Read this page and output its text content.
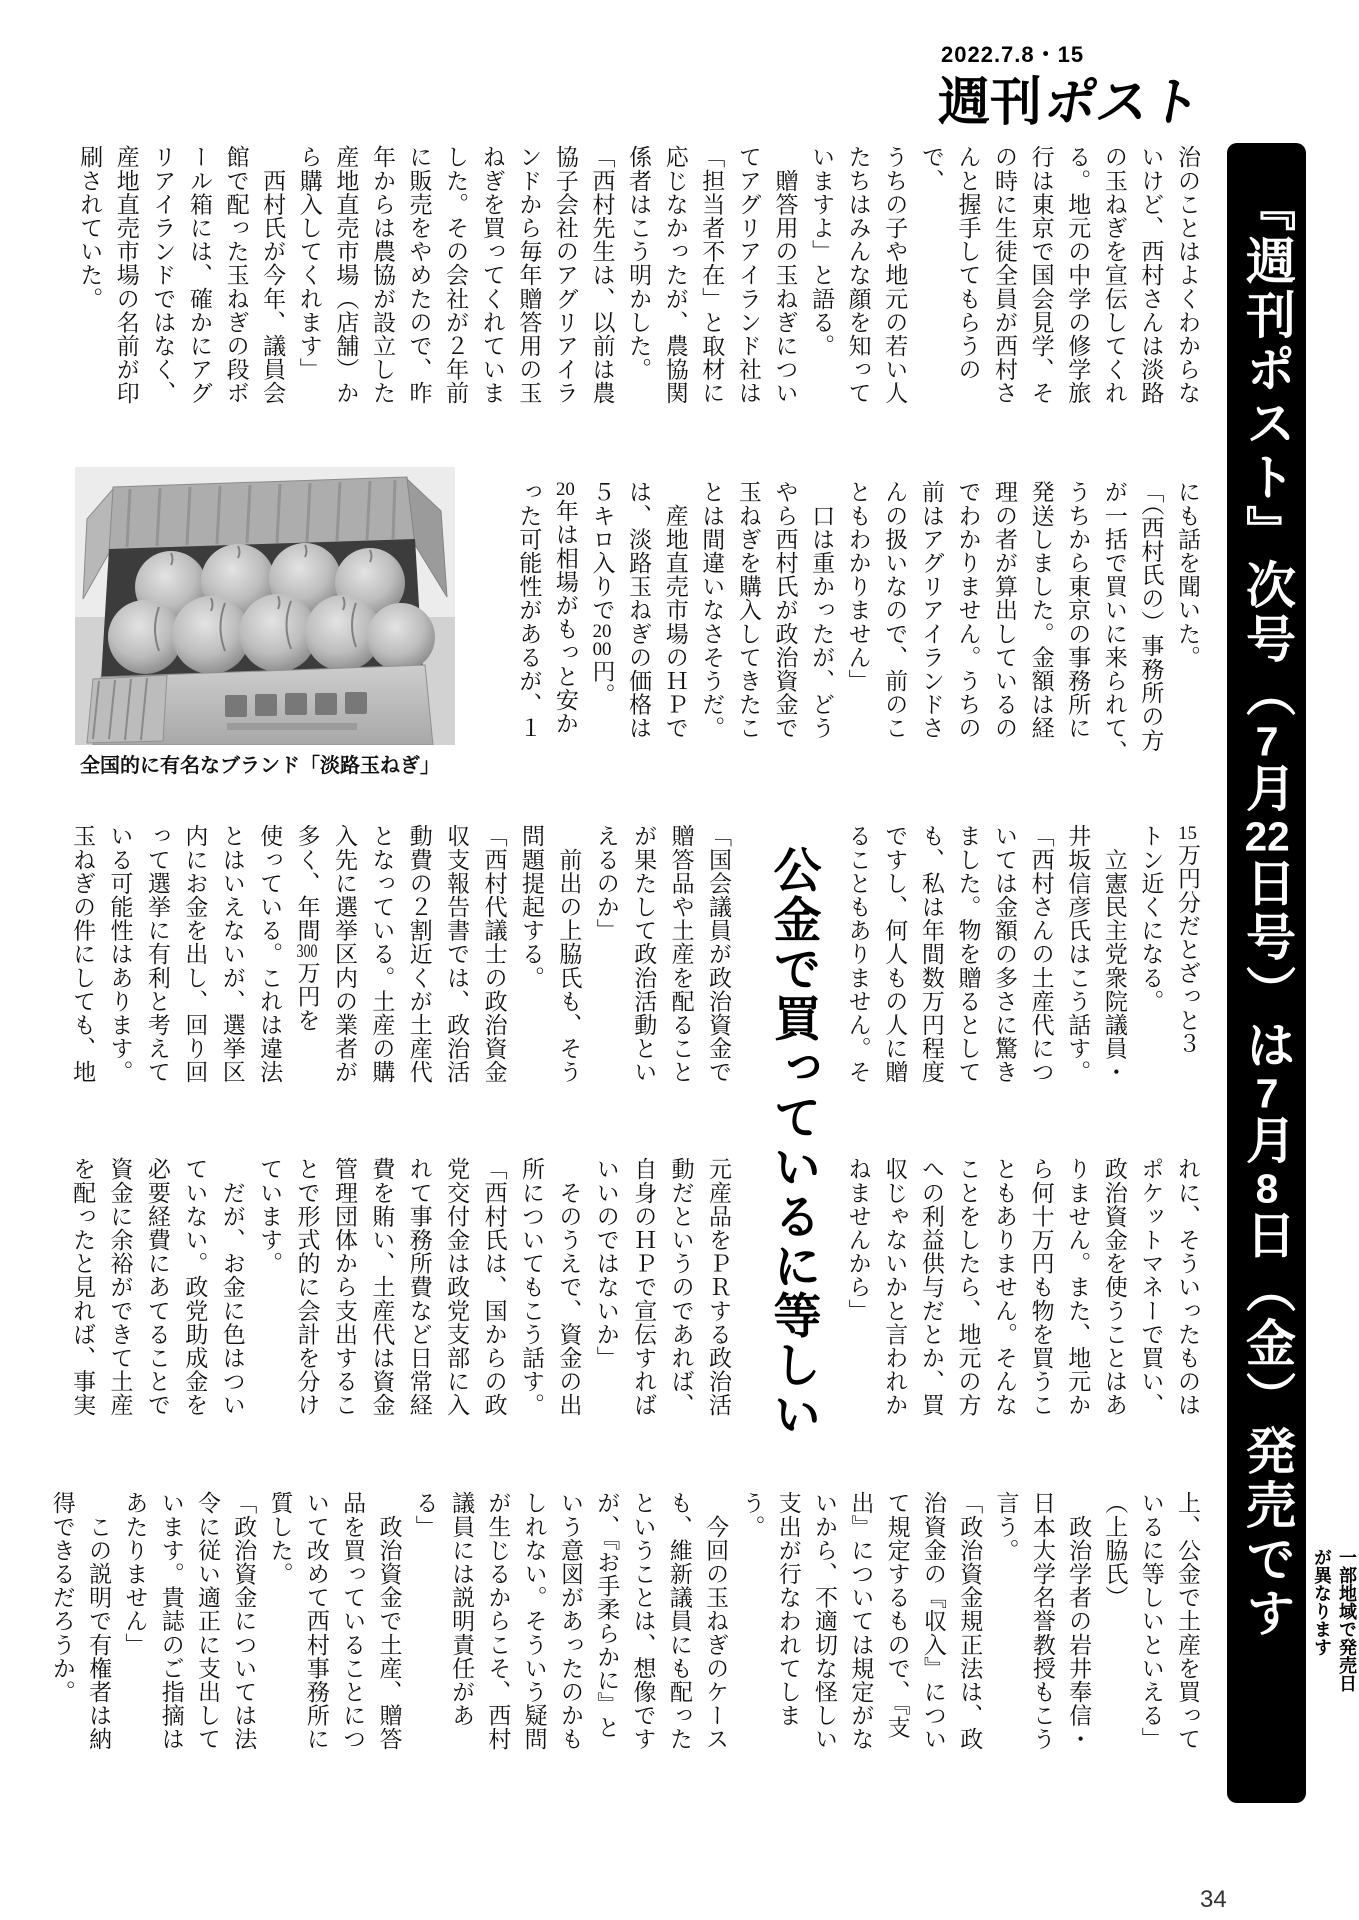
2022.7.8・15
週刊ポスト
『週刊ポスト』次号（7月22日号）は7月8日（金）発売です	一部地域で発売日が異なります
治のことはよくわからな
いけど、西村さんは淡路
の玉ねぎを宣伝してくれ
る。地元の中学の修学旅
行は東京で国会見学、そ
の時に生徒全員が西村さ
んと握手してもらうので、
うちの子や地元の若い人
たちはみんな顔を知って
いますよ」と語る。
　贈答用の玉ねぎについ
てアグリアイランド社は
「担当者不在」と取材に
応じなかったが、農協関
係者はこう明かした。
「西村先生は、以前は農
協子会社のアグリアイラ
ンドから毎年贈答用の玉
ねぎを買ってくれていま
した。その会社が２年前
に販売をやめたので、昨
年からは農協が設立した
産地直売市場（店舗）か
ら購入してくれます」
　西村氏が今年、議員会
館で配った玉ねぎの段ボ
ール箱には、確かにアグ
リアイランドではなく、
産地直売市場の名前が印
刷されていた。
全国的に有名なブランド「淡路玉ねぎ」
にも話を聞いた。
「（西村氏の）事務所の方
が一括で買いに来られて、
うちから東京の事務所に
発送しました。金額は経
理の者が算出しているの
でわかりません。うちの
前はアグリアイランドさ
んの扱いなので、前のこ
ともわかりません」
　口は重かったが、どう
やら西村氏が政治資金で
玉ねぎを購入してきたこ
とは間違いなさそうだ。
　産地直売市場のＨＰで
は、淡路玉ねぎの価格は
５キロ入りで2000円。
20年は相場がもっと安か
った可能性があるが、１
公金で買っているに等しい
15万円分だとざっと３
トン近くになる。
　立憲民主党衆院議員・
井坂信彦氏はこう話す。
「西村さんの土産代につ
いては金額の多さに驚き
ました。物を贈るとして
も、私は年間数万円程度
ですし、何人もの人に贈
ることもありません。そ
「国会議員が政治資金で
贈答品や土産を配ること
が果たして政治活動とい
えるのか」
　前出の上脇氏も、そう
問題提起する。
「西村代議士の政治資金
収支報告書では、政治活
動費の２割近くが土産代
となっている。土産の購
入先に選挙区内の業者が
多く、年間300万円を
使っている。これは違法
とはいえないが、選挙区
内にお金を出し、回り回
って選挙に有利と考えて
いる可能性はあります。
玉ねぎの件にしても、地
れに、そういったものは
ポケットマネーで買い、
政治資金を使うことはあ
りません。また、地元か
ら何十万円も物を買うこ
ともありません。そんな
ことをしたら、地元の方
への利益供与だとか、買
収じゃないかと言われか
ねませんから」
元産品をＰＲする政治活
動だというのであれば、
自身のＨＰで宣伝すれば
いいのではないか」
　そのうえで、資金の出
所についてもこう話す。
「西村氏は、国からの政
党交付金は政党支部に入
れて事務所費など日常経
費を賄い、土産代は資金
管理団体から支出するこ
とで形式的に会計を分け
ています。
　だが、お金に色はつい
ていない。政党助成金を
必要経費にあてることで
資金に余裕ができて土産
を配ったと見れば、事実
上、公金で土産を買って
いるに等しいといえる」
（上脇氏）
　政治学者の岩井奉信・
日本大学名誉教授もこう
言う。
「政治資金規正法は、政
治資金の『収入』につい
て規定するもので、『支
出』については規定がな
いから、不適切な怪しい
支出が行なわれてしまう。
　今回の玉ねぎのケース
も、維新議員にも配った
ということは、想像です
が、『お手柔らかに』と
いう意図があったのかも
しれない。そういう疑問
が生じるからこそ、西村
議員には説明責任があ
る」
　政治資金で土産、贈答
品を買っていることにつ
いて改めて西村事務所に
質した。
「政治資金については法
令に従い適正に支出して
います。貴誌のご指摘は
あたりません」
　この説明で有権者は納
得できるだろうか。
34
